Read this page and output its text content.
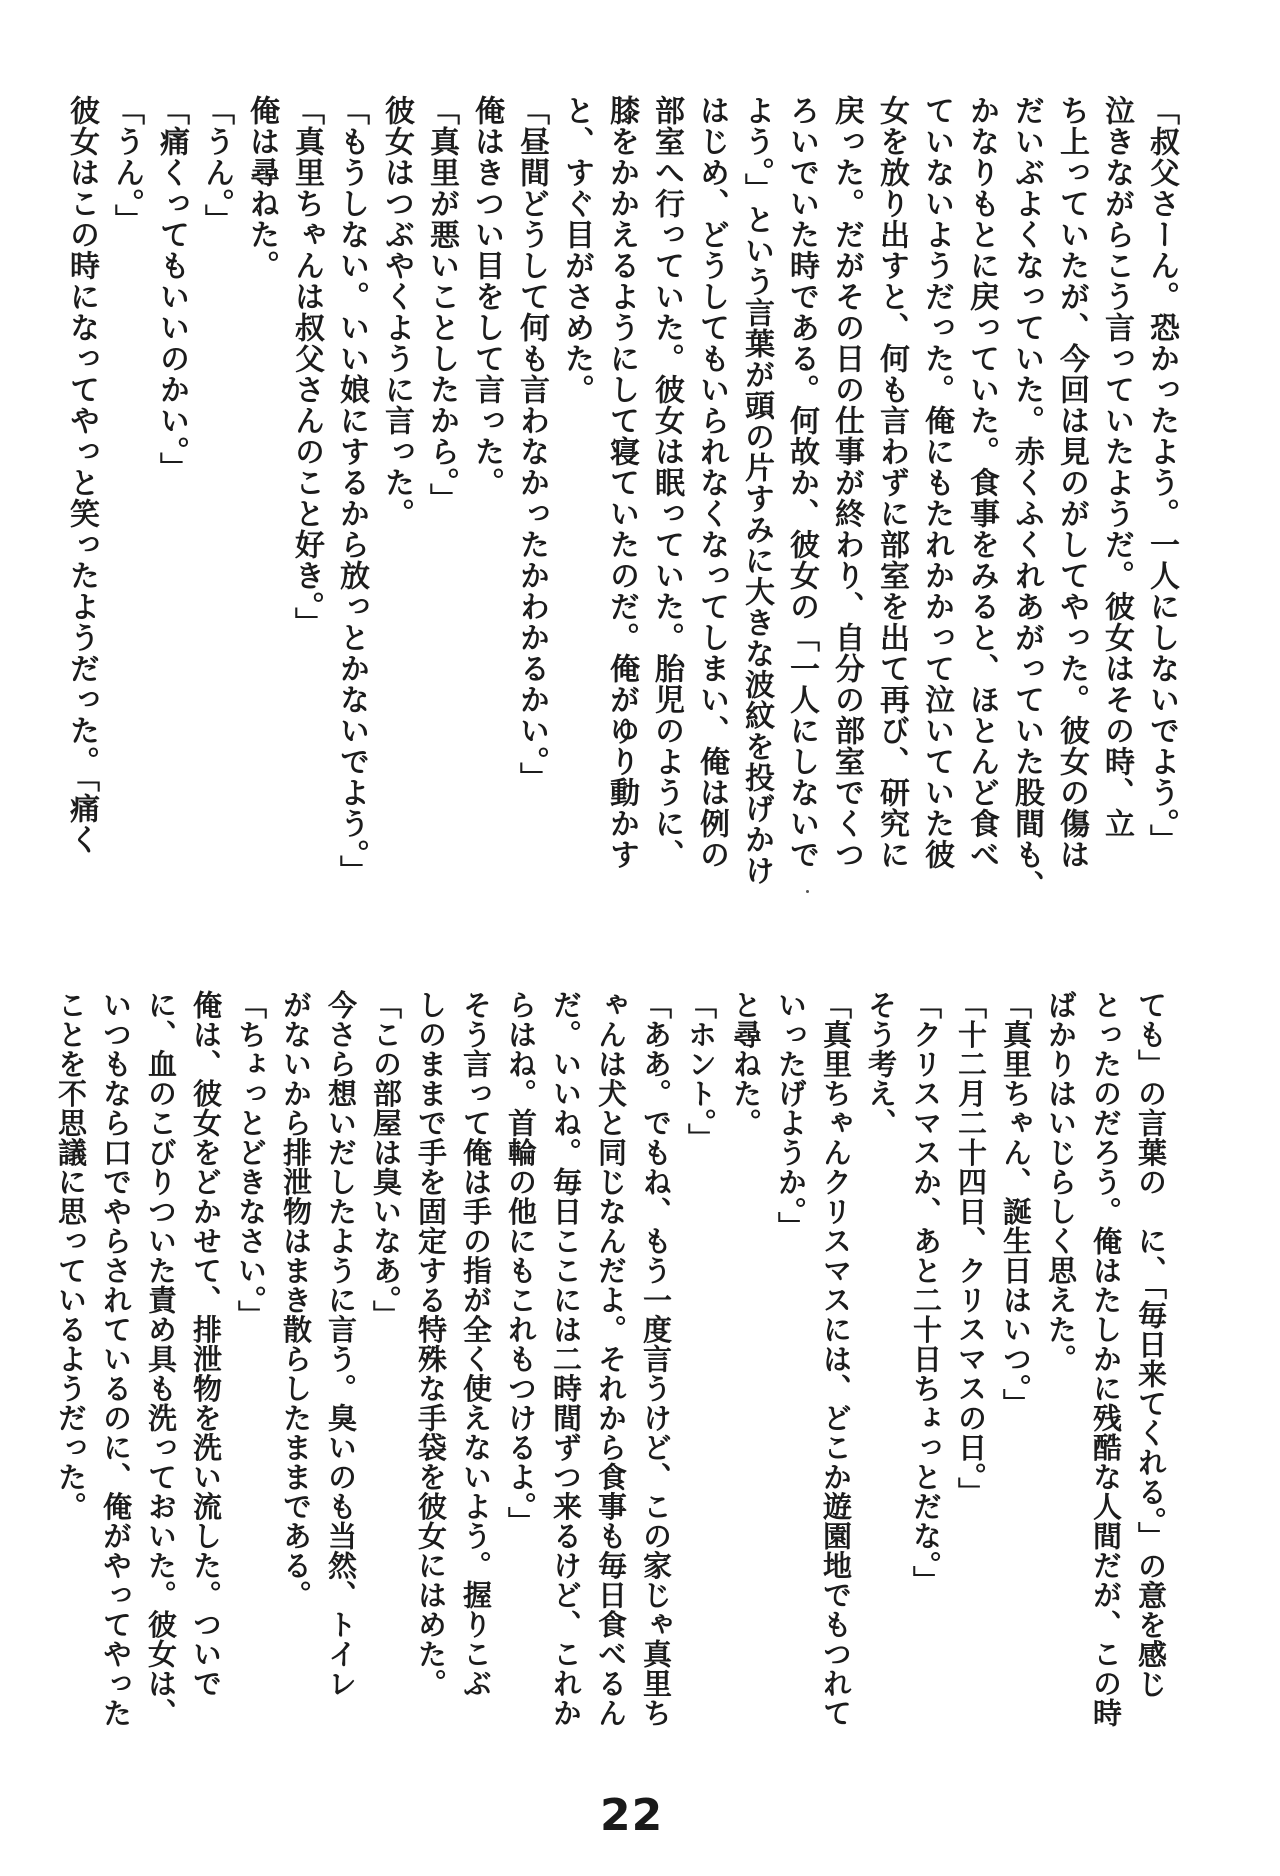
「叔父さーん。恐かったよう。一人にしないでよう。」
泣きながらこう言っていたようだ。彼女はその時、立
ち上っていたが、今回は見のがしてやった。彼女の傷は
だいぶよくなっていた。赤くふくれあがっていた股間も、
かなりもとに戻っていた。食事をみると、ほとんど食べ
ていないようだった。俺にもたれかかって泣いていた彼
女を放り出すと、何も言わずに部室を出て再び、研究に
戻った。だがその日の仕事が終わり、自分の部室でくつ
ろいでいた時である。何故か、彼女の「一人にしないで
よう。」という言葉が頭の片すみに大きな波紋を投げかけ
はじめ、どうしてもいられなくなってしまい、俺は例の
部室へ行っていた。彼女は眠っていた。胎児のように、
膝をかかえるようにして寝ていたのだ。俺がゆり動かす
と、すぐ目がさめた。
「昼間どうして何も言わなかったかわかるかい。」
俺はきつい目をして言った。
「真里が悪いことしたから。」
彼女はつぶやくように言った。
「もうしない。いい娘にするから放っとかないでよう。」
「真里ちゃんは叔父さんのこと好き。」
俺は尋ねた。
「うん。」
「痛くってもいいのかい。」
「うん。」
彼女はこの時になってやっと笑ったようだった。「痛く
ても」の言葉の　に、「毎日来てくれる。」の意を感じ
とったのだろう。俺はたしかに残酷な人間だが、この時
ばかりはいじらしく思えた。
「真里ちゃん、誕生日はいつ。」
「十二月二十四日、クリスマスの日。」
「クリスマスか、あと二十日ちょっとだな。」
そう考え、
「真里ちゃんクリスマスには、どこか遊園地でもつれて
いったげようか。」
と尋ねた。
「ホント。」
「ああ。でもね、もう一度言うけど、この家じゃ真里ち
ゃんは犬と同じなんだよ。それから食事も毎日食べるん
だ。いいね。毎日ここには二時間ずつ来るけど、これか
らはね。首輪の他にもこれもつけるよ。」
そう言って俺は手の指が全く使えないよう。握りこぶ
しのままで手を固定する特殊な手袋を彼女にはめた。
「この部屋は臭いなあ。」
今さら想いだしたように言う。臭いのも当然、トイレ
がないから排泄物はまき散らしたままである。
「ちょっとどきなさい。」
俺は、彼女をどかせて、排泄物を洗い流した。ついで
に、血のこびりついた責め具も洗っておいた。彼女は、
いつもなら口でやらされているのに、俺がやってやった
ことを不思議に思っているようだった。
22
